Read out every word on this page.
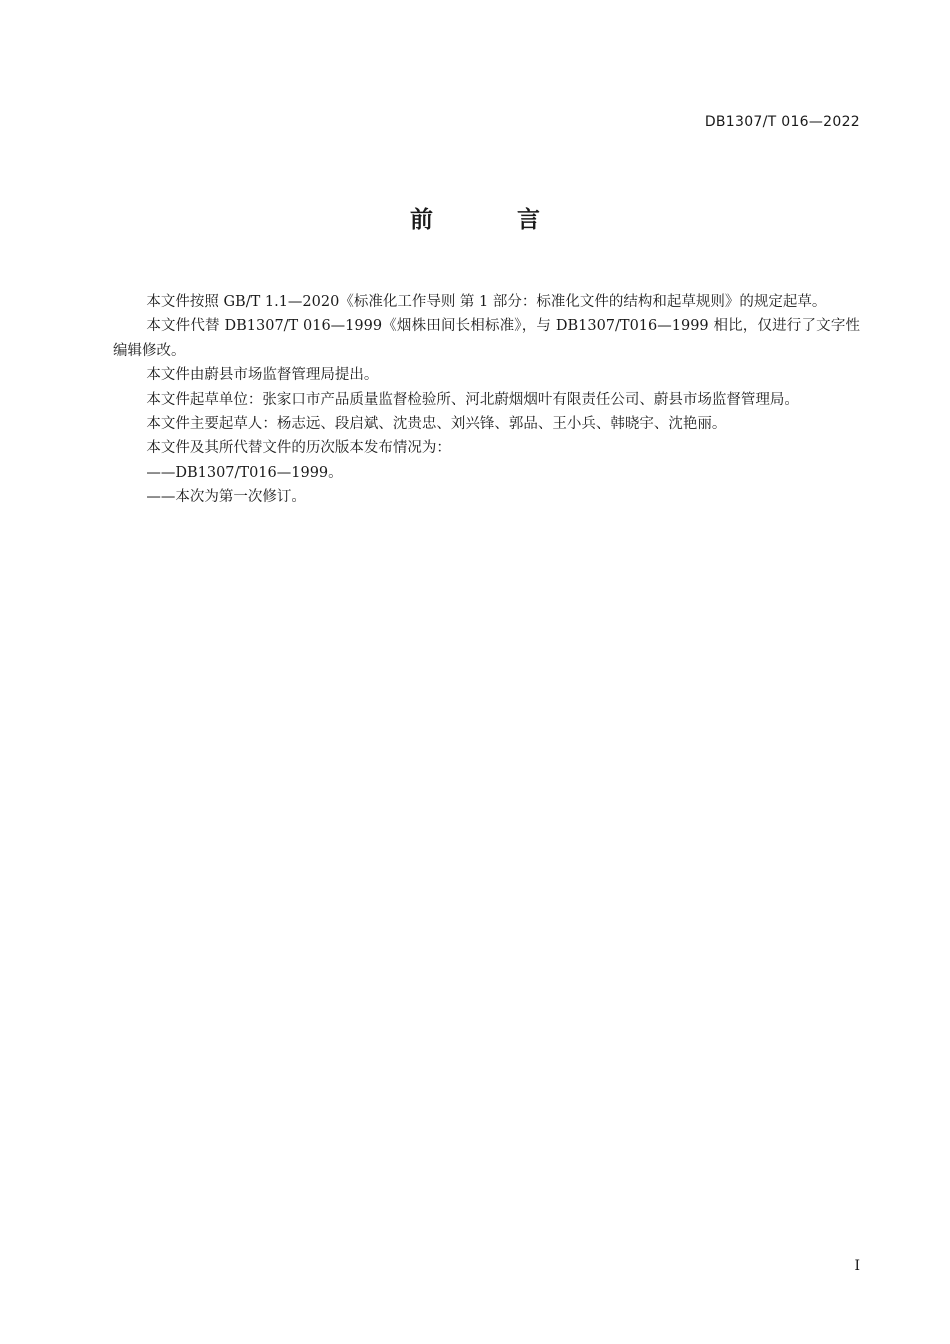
DB1307/T 016—2022
前 言

本文件按照 GB/T 1.1—2020《标准化工作导则 第 1 部分：标准化文件的结构和起草规则》的规定起草。

本文件代替 DB1307/T 016—1999《烟株田间长相标准》，与 DB1307/T016—1999 相比，仅进行了文字性编辑修改。

本文件由蔚县市场监督管理局提出。

本文件起草单位：张家口市产品质量监督检验所、河北蔚烟烟叶有限责任公司、蔚县市场监督管理局。

本文件主要起草人：杨志远、段启斌、沈贵忠、刘兴锋、郭品、王小兵、韩晓宇、沈艳丽。

本文件及其所代替文件的历次版本发布情况为：

——DB1307/T016—1999。

——本次为第一次修订。

I
